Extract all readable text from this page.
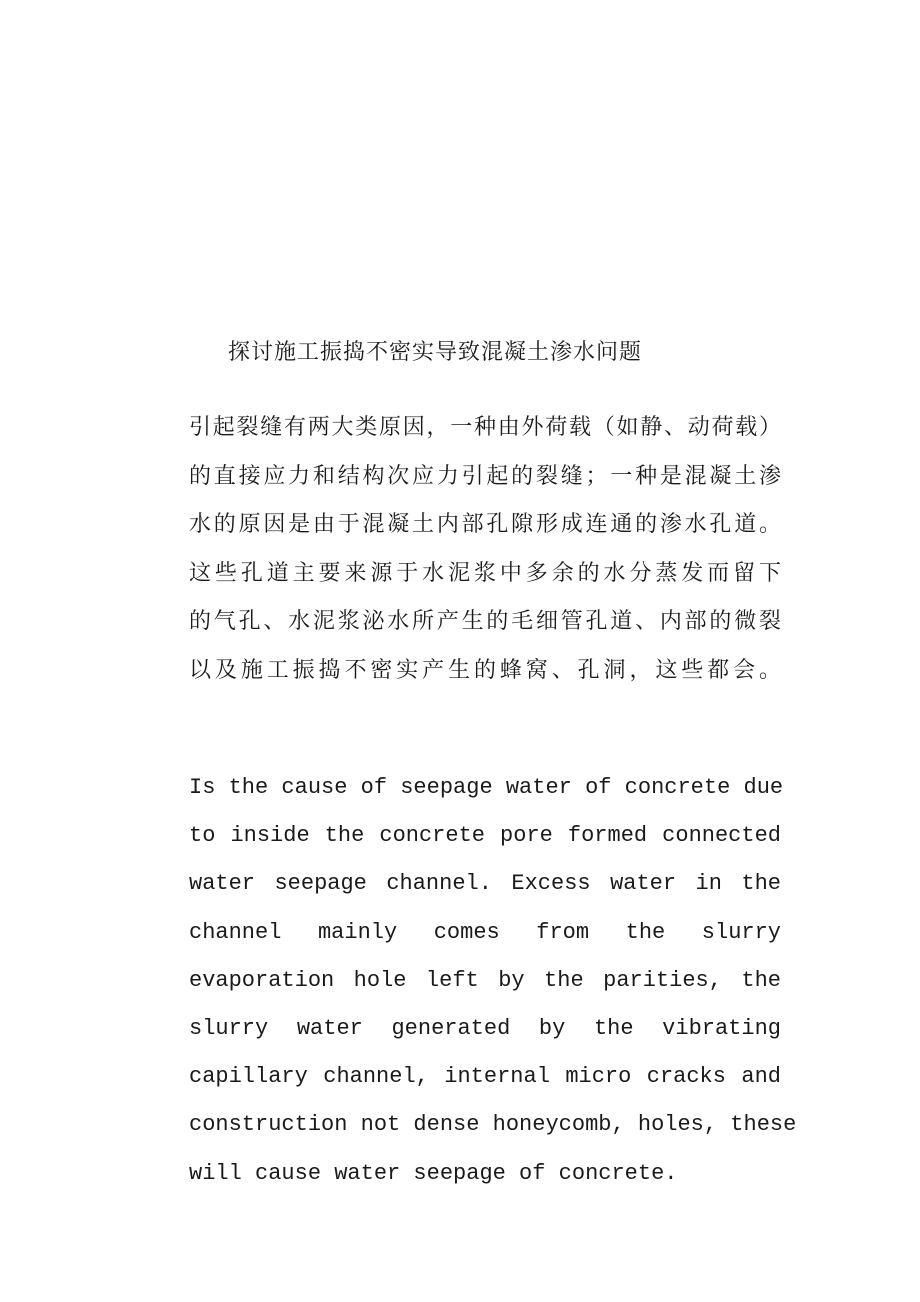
探讨施工振捣不密实导致混凝土渗水问题
引起裂缝有两大类原因，一种由外荷载（如静、动荷载）
的直接应力和结构次应力引起的裂缝；一种是混凝土渗
水的原因是由于混凝土内部孔隙形成连通的渗水孔道。
这些孔道主要来源于水泥浆中多余的水分蒸发而留下
的气孔、水泥浆泌水所产生的毛细管孔道、内部的微裂
以及施工振捣不密实产生的蜂窝、孔洞，这些都会。
Is the cause of seepage water of concrete due
to inside the concrete pore formed connected
water seepage channel. Excess water in the
channel mainly comes from the slurry
evaporation hole left by the parities, the
slurry water generated by the vibrating
capillary channel, internal micro cracks and
construction not dense honeycomb, holes, these
will cause water seepage of concrete.
